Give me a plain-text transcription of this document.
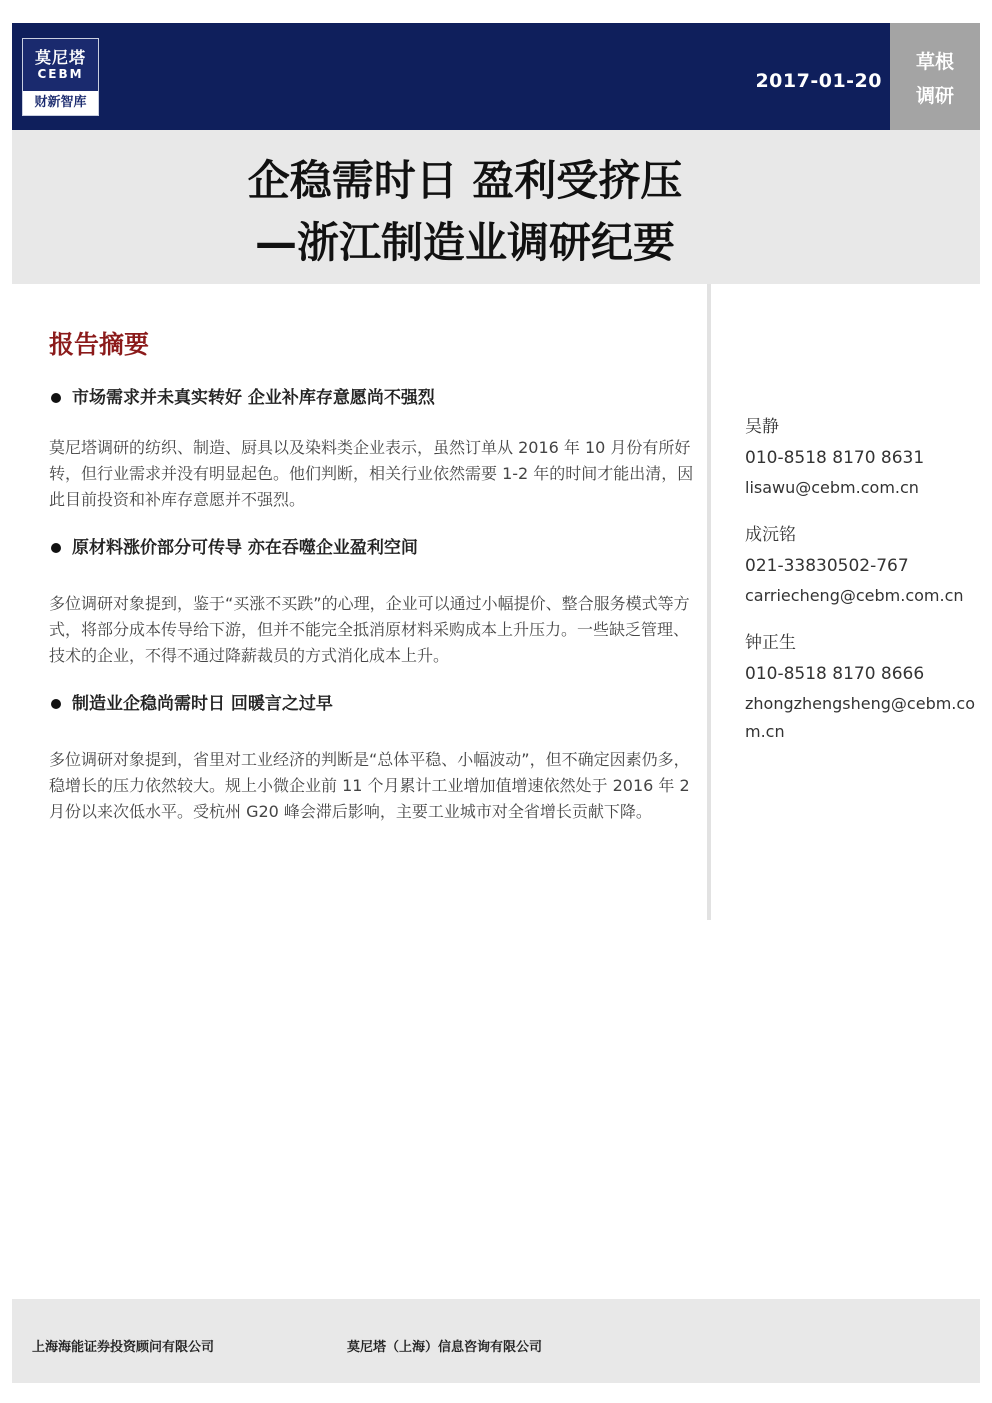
莫尼塔
CEBM
财新智库
2017-01-20
草根
调研
企稳需时日 盈利受挤压
—浙江制造业调研纪要
报告摘要
市场需求并未真实转好 企业补库存意愿尚不强烈

莫尼塔调研的纺织、制造、厨具以及染料类企业表示，虽然订单从 2016 年 10 月份有所好转，但行业需求并没有明显起色。他们判断，相关行业依然需要 1-2 年的时间才能出清，因此目前投资和补库存意愿并不强烈。

原材料涨价部分可传导 亦在吞噬企业盈利空间

多位调研对象提到，鉴于“买涨不买跌”的心理，企业可以通过小幅提价、整合服务模式等方式，将部分成本传导给下游，但并不能完全抵消原材料采购成本上升压力。一些缺乏管理、技术的企业，不得不通过降薪裁员的方式消化成本上升。

制造业企稳尚需时日 回暖言之过早

多位调研对象提到，省里对工业经济的判断是“总体平稳、小幅波动”，但不确定因素仍多，稳增长的压力依然较大。规上小微企业前 11 个月累计工业增加值增速依然处于 2016 年 2 月份以来次低水平。受杭州 G20 峰会滞后影响，主要工业城市对全省增长贡献下降。

吴静
010-8518 8170 8631
lisawu@cebm.com.cn
成沅铭
021-33830502-767
carriecheng@cebm.com.cn
钟正生
010-8518 8170 8666
zhongzhengsheng@cebm.com.cn
上海海能证券投资顾问有限公司	莫尼塔（上海）信息咨询有限公司
